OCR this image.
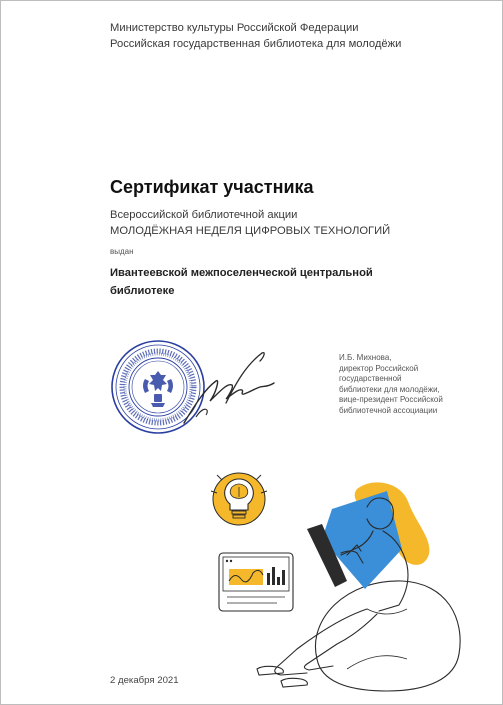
Министерство культуры Российской Федерации
Российская государственная библиотека для молодёжи
Сертификат участника
Всероссийской библиотечной акции
МОЛОДЁЖНАЯ НЕДЕЛЯ ЦИФРОВЫХ ТЕХНОЛОГИЙ
выдан
Ивантеевской межпоселенческой центральной
библиотеке
И.Б. Михнова,
директор Российской
государственной
библиотеки для молодёжи,
вице-президент Российской
библиотечной ассоциации
2 декабря 2021
